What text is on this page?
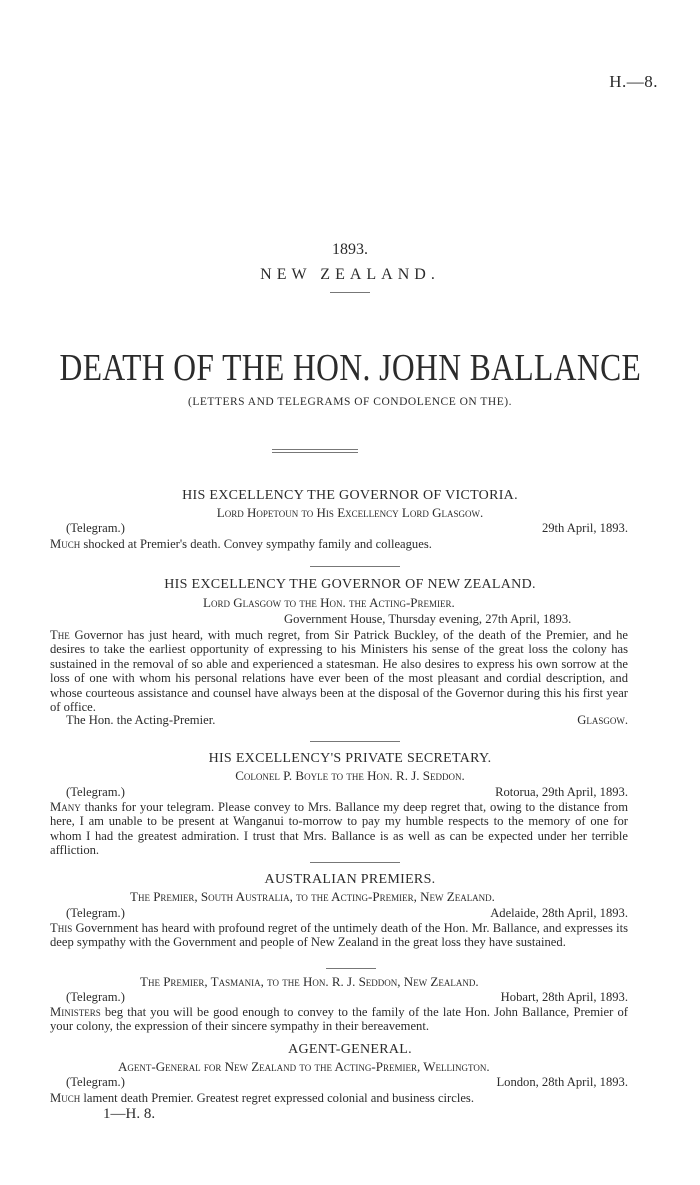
H.—8.
1893.
NEW ZEALAND.
DEATH OF THE HON. JOHN BALLANCE
(LETTERS AND TELEGRAMS OF CONDOLENCE ON THE).
HIS EXCELLENCY THE GOVERNOR OF VICTORIA.
Lord Hopetoun to His Excellency Lord Glasgow.
(Telegram.)	29th April, 1893.
Much shocked at Premier's death. Convey sympathy family and colleagues.
HIS EXCELLENCY THE GOVERNOR OF NEW ZEALAND.
Lord Glasgow to the Hon. the Acting-Premier.
Government House, Thursday evening, 27th April, 1893.
The Governor has just heard, with much regret, from Sir Patrick Buckley, of the death of the Premier, and he desires to take the earliest opportunity of expressing to his Ministers his sense of the great loss the colony has sustained in the removal of so able and experienced a statesman. He also desires to express his own sorrow at the loss of one with whom his personal relations have ever been of the most pleasant and cordial description, and whose courteous assistance and counsel have always been at the disposal of the Governor during this his first year of office.
The Hon. the Acting-Premier.	Glasgow.
HIS EXCELLENCY'S PRIVATE SECRETARY.
Colonel P. Boyle to the Hon. R. J. Seddon.
(Telegram.)	Rotorua, 29th April, 1893.
Many thanks for your telegram. Please convey to Mrs. Ballance my deep regret that, owing to the distance from here, I am unable to be present at Wanganui to-morrow to pay my humble respects to the memory of one for whom I had the greatest admiration. I trust that Mrs. Ballance is as well as can be expected under her terrible affliction.
AUSTRALIAN PREMIERS.
The Premier, South Australia, to the Acting-Premier, New Zealand.
(Telegram.)	Adelaide, 28th April, 1893.
This Government has heard with profound regret of the untimely death of the Hon. Mr. Ballance, and expresses its deep sympathy with the Government and people of New Zealand in the great loss they have sustained.
The Premier, Tasmania, to the Hon. R. J. Seddon, New Zealand.
(Telegram.)	Hobart, 28th April, 1893.
Ministers beg that you will be good enough to convey to the family of the late Hon. John Ballance, Premier of your colony, the expression of their sincere sympathy in their bereavement.
AGENT-GENERAL.
Agent-General for New Zealand to the Acting-Premier, Wellington.
(Telegram.)	London, 28th April, 1893.
Much lament death Premier. Greatest regret expressed colonial and business circles.
1—H. 8.
